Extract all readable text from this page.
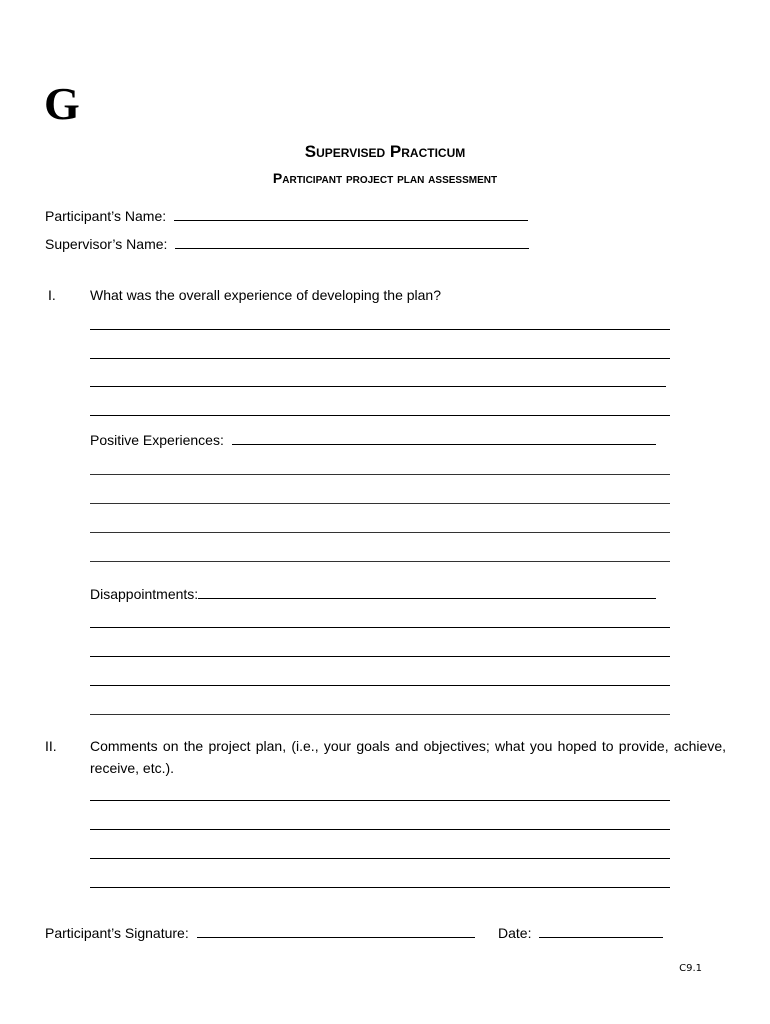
G
Supervised Practicum
Participant project plan assessment
Participant’s Name:
Supervisor’s Name:
I. What was the overall experience of developing the plan?
Positive Experiences:
Disappointments:
II. Comments on the project plan, (i.e., your goals and objectives; what you hoped to provide, achieve, receive, etc.).
Participant’s Signature:	Date:
C9.1
